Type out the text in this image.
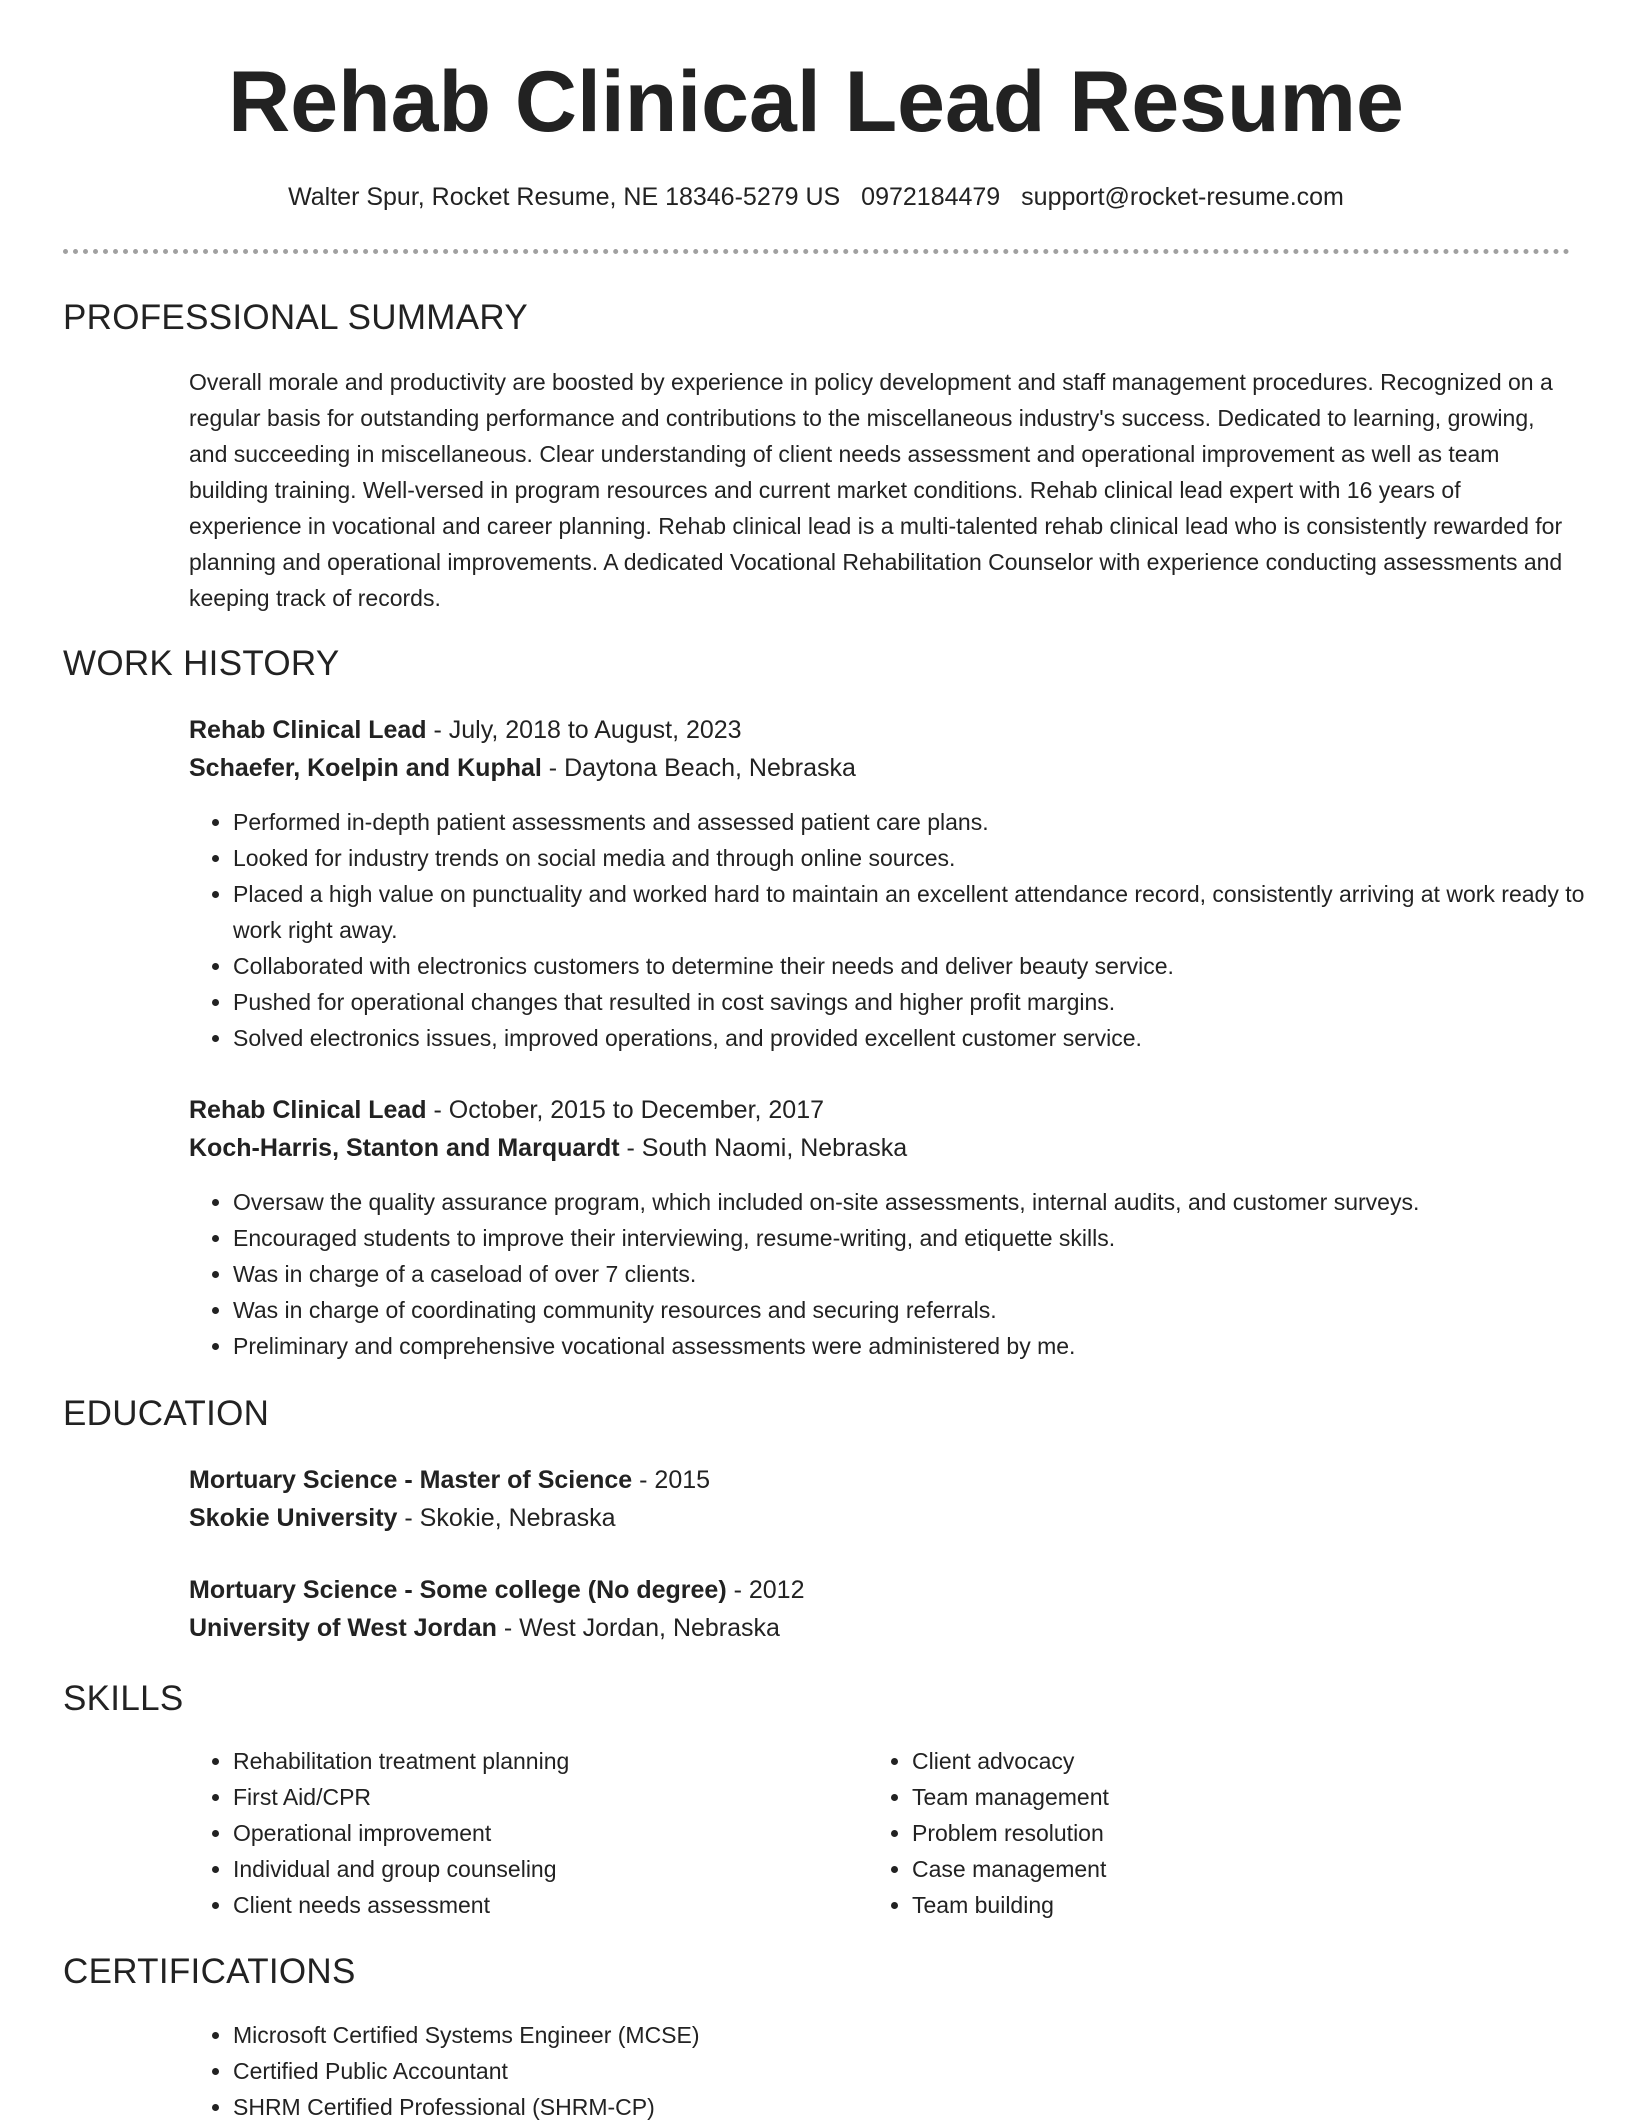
Rehab Clinical Lead Resume
Walter Spur, Rocket Resume, NE 18346-5279 US 0972184479 support@rocket-resume.com
PROFESSIONAL SUMMARY

Overall morale and productivity are boosted by experience in policy development and staff management procedures. Recognized on a regular basis for outstanding performance and contributions to the miscellaneous industry's success. Dedicated to learning, growing, and succeeding in miscellaneous. Clear understanding of client needs assessment and operational improvement as well as team building training. Well-versed in program resources and current market conditions. Rehab clinical lead expert with 16 years of experience in vocational and career planning. Rehab clinical lead is a multi-talented rehab clinical lead who is consistently rewarded for planning and operational improvements. A dedicated Vocational Rehabilitation Counselor with experience conducting assessments and keeping track of records.

WORK HISTORY
Rehab Clinical Lead - July, 2018 to August, 2023
Schaefer, Koelpin and Kuphal - Daytona Beach, Nebraska
• Performed in-depth patient assessments and assessed patient care plans.
• Looked for industry trends on social media and through online sources.
• Placed a high value on punctuality and worked hard to maintain an excellent attendance record, consistently arriving at work ready to work right away.
• Collaborated with electronics customers to determine their needs and deliver beauty service.
• Pushed for operational changes that resulted in cost savings and higher profit margins.
• Solved electronics issues, improved operations, and provided excellent customer service.
Rehab Clinical Lead - October, 2015 to December, 2017
Koch-Harris, Stanton and Marquardt - South Naomi, Nebraska
• Oversaw the quality assurance program, which included on-site assessments, internal audits, and customer surveys.
• Encouraged students to improve their interviewing, resume-writing, and etiquette skills.
• Was in charge of a caseload of over 7 clients.
• Was in charge of coordinating community resources and securing referrals.
• Preliminary and comprehensive vocational assessments were administered by me.
EDUCATION
Mortuary Science - Master of Science - 2015
Skokie University - Skokie, Nebraska
Mortuary Science - Some college (No degree) - 2012
University of West Jordan - West Jordan, Nebraska
SKILLS
• Rehabilitation treatment planning
• First Aid/CPR
• Operational improvement
• Individual and group counseling
• Client needs assessment
• Client advocacy
• Team management
• Problem resolution
• Case management
• Team building
CERTIFICATIONS
• Microsoft Certified Systems Engineer (MCSE)
• Certified Public Accountant
• SHRM Certified Professional (SHRM-CP)
